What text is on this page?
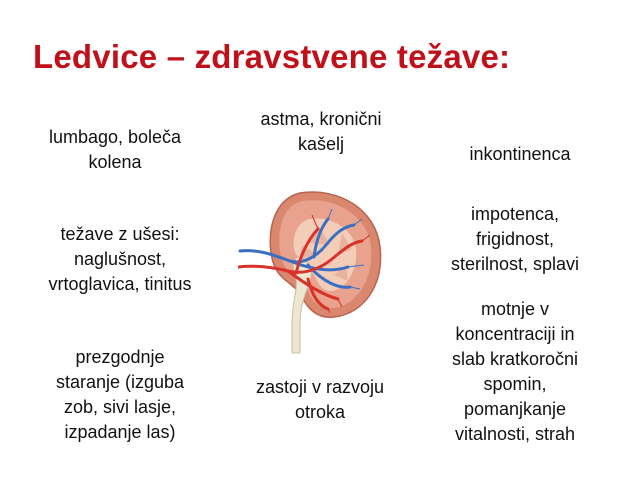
Ledvice – zdravstvene težave:
lumbago, boleča
kolena
astma, kronični
kašelj	inkontinenca
težave z ušesi:
naglušnost,
vrtoglavica, tinitus
impotenca,
frigidnost,
sterilnost, splavi
prezgodnje
staranje (izguba
zob, sivi lasje,
izpadanje las)
zastoji v razvoju
otroka
motnje v
koncentraciji in
slab kratkoročni
spomin,
pomanjkanje
vitalnosti, strah
